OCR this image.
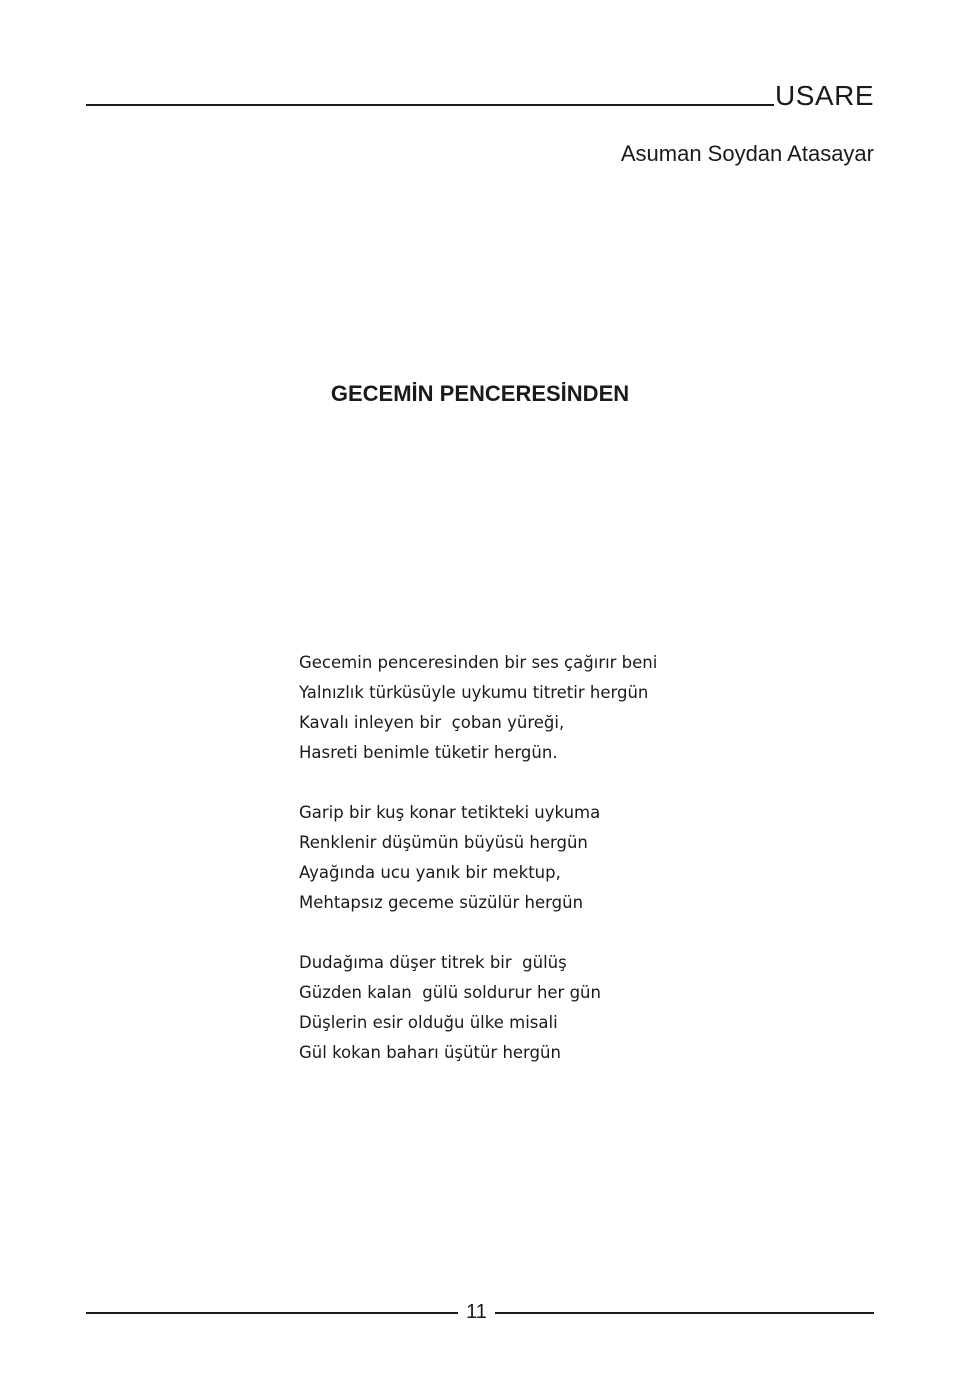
USARE
Asuman Soydan Atasayar
GECEMİN PENCERESİNDEN
Gecemin penceresinden bir ses çağırır beni
Yalnızlık türküsüyle uykumu titretir hergün
Kavalı inleyen bir  çoban yüreği,
Hasreti benimle tüketir hergün.
Garip bir kuş konar tetikteki uykuma
Renklenir düşümün büyüsü hergün
Ayağında ucu yanık bir mektup,
Mehtapsız geceme süzülür hergün
Dudağıma düşer titrek bir  gülüş
Güzden kalan  gülü soldurur her gün
Düşlerin esir olduğu ülke misali
Gül kokan baharı üşütür hergün
11
